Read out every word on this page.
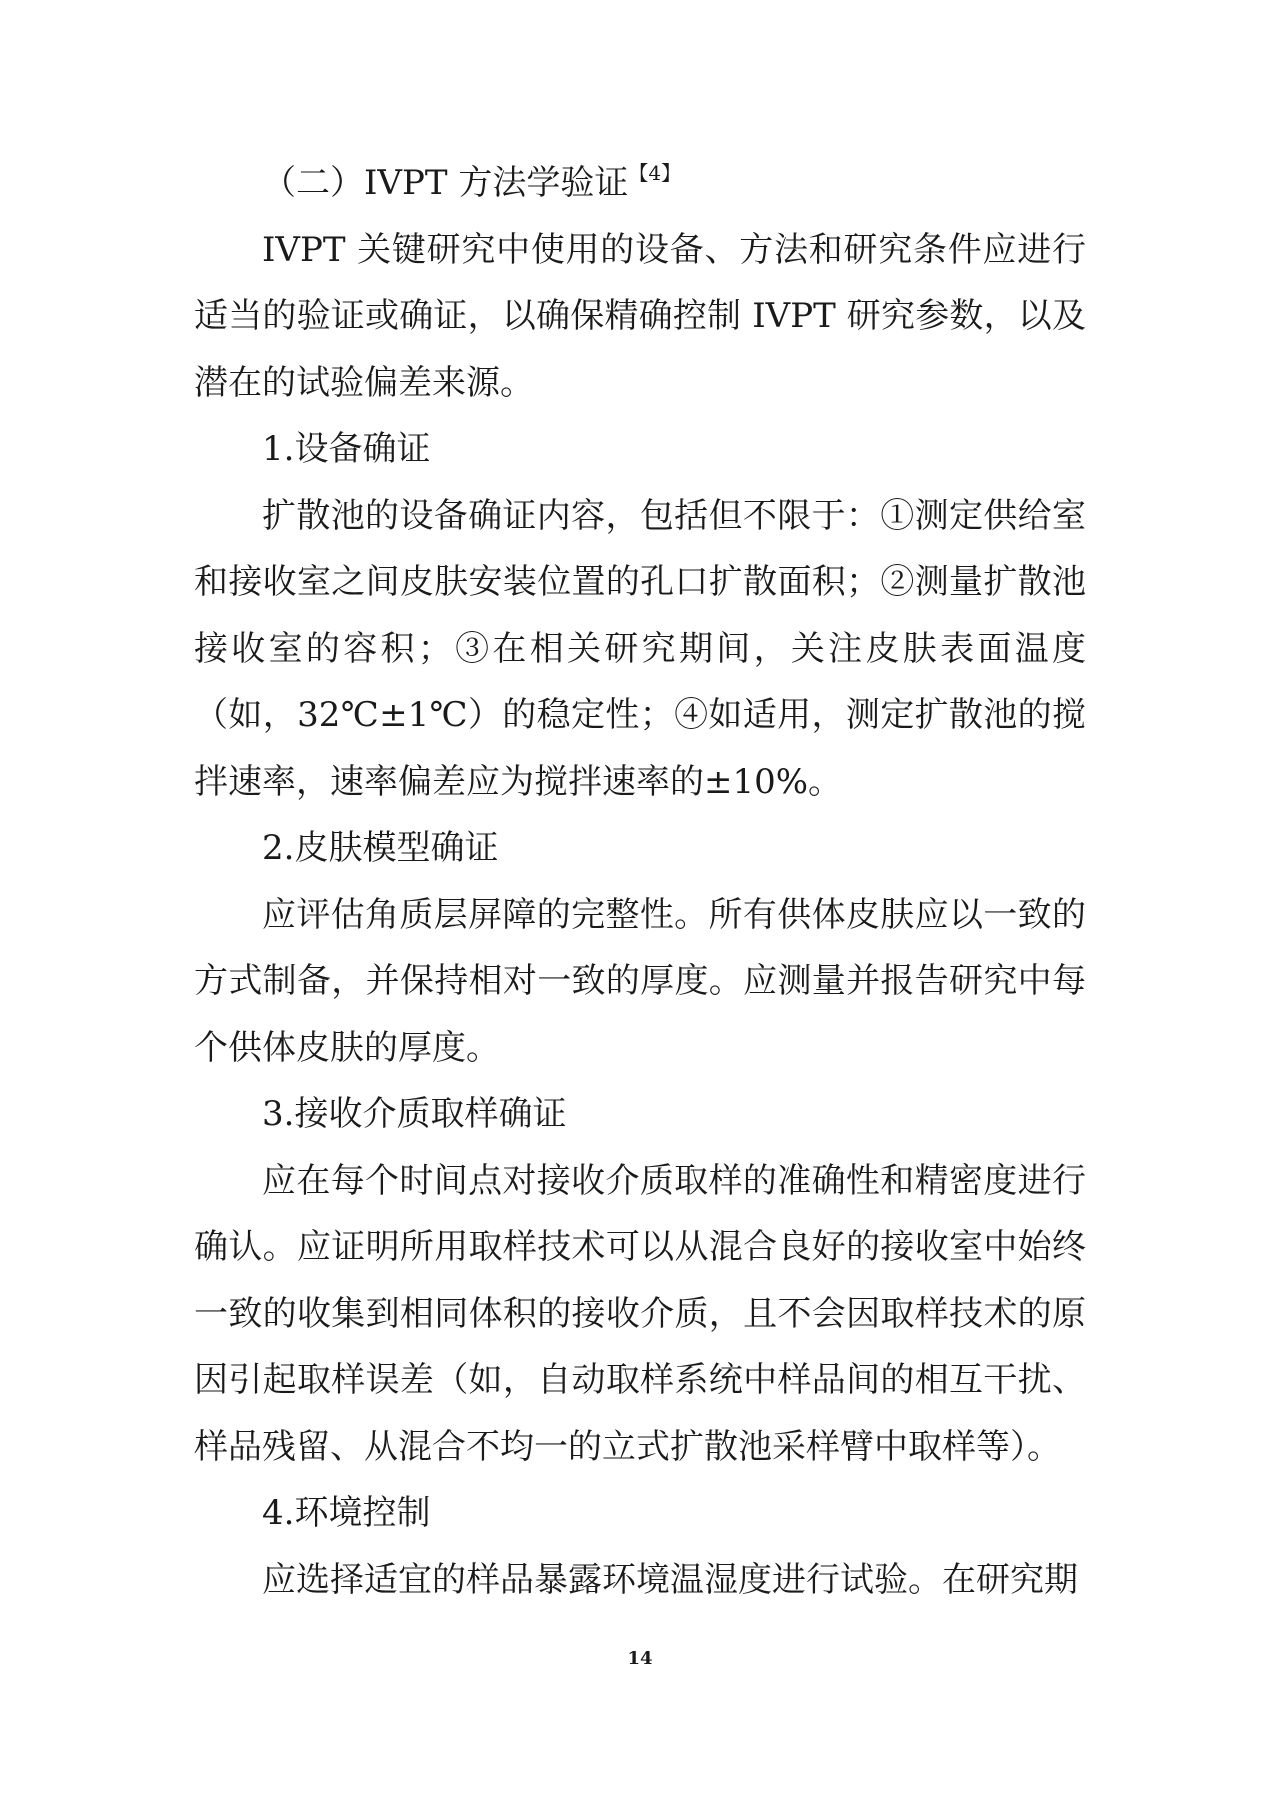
（二）IVPT 方法学验证$^{【4】}$

IVPT 关键研究中使用的设备、方法和研究条件应进行适当的验证或确证，以确保精确控制 IVPT 研究参数，以及潜在的试验偏差来源。

1.设备确证

扩散池的设备确证内容，包括但不限于：①测定供给室和接收室之间皮肤安装位置的孔口扩散面积；②测量扩散池接收室的容积；③在相关研究期间，关注皮肤表面温度（如，32℃±1℃）的稳定性；④如适用，测定扩散池的搅拌速率，速率偏差应为搅拌速率的±10%。

2.皮肤模型确证

应评估角质层屏障的完整性。所有供体皮肤应以一致的方式制备，并保持相对一致的厚度。应测量并报告研究中每个供体皮肤的厚度。

3.接收介质取样确证

应在每个时间点对接收介质取样的准确性和精密度进行确认。应证明所用取样技术可以从混合良好的接收室中始终一致的收集到相同体积的接收介质，且不会因取样技术的原因引起取样误差（如，自动取样系统中样品间的相互干扰、样品残留、从混合不均一的立式扩散池采样臂中取样等）。

4.环境控制

应选择适宜的样品暴露环境温湿度进行试验。在研究期

14
